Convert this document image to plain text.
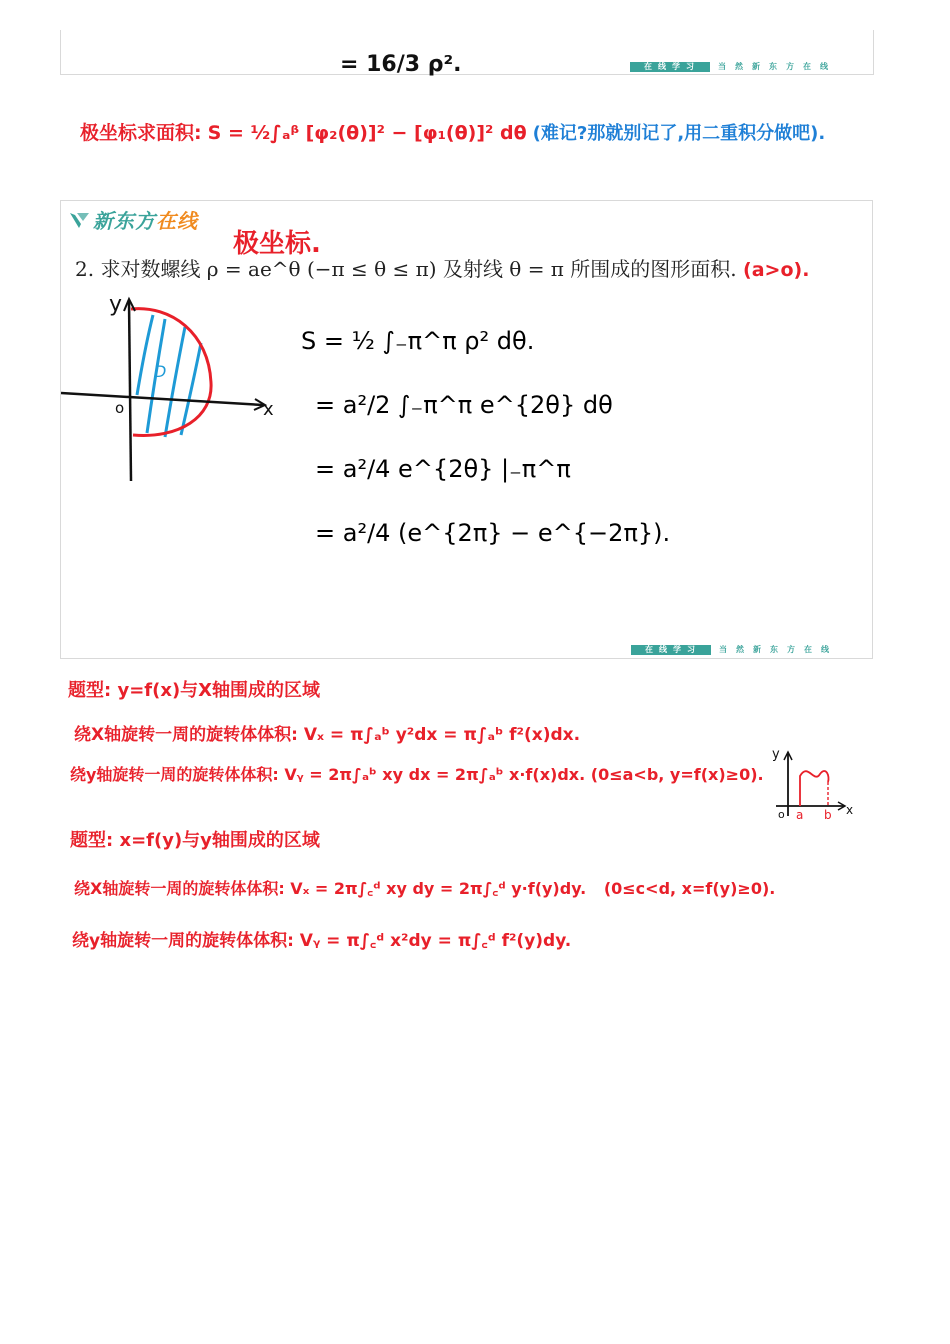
= 16/3 ρ².	在线学习	当然新东方在线
极坐标求面积: S = ½∫ₐᵝ [φ₂(θ)]² − [φ₁(θ)]² dθ (难记?那就别记了,用二重积分做吧).
新东方在线
极坐标.
2. 求对数螺线 ρ = ae^θ (−π ≤ θ ≤ π) 及射线 θ = π 所围成的图形面积. (a>o).
y
x
o
D
S = ½ ∫₋π^π ρ² dθ.
= a²/2 ∫₋π^π e^{2θ} dθ
= a²/4 e^{2θ} |₋π^π
= a²/4 (e^{2π} − e^{−2π}).
在线学习	当然新东方在线
题型: y=f(x)与X轴围成的区域
绕X轴旋转一周的旋转体体积: Vₓ = π∫ₐᵇ y²dx = π∫ₐᵇ f²(x)dx.
绕y轴旋转一周的旋转体体积: Vᵧ = 2π∫ₐᵇ xy dx = 2π∫ₐᵇ x·f(x)dx. (0≤a<b, y=f(x)≥0).
y
x
o a b
题型: x=f(y)与y轴围成的区域
绕X轴旋转一周的旋转体体积: Vₓ = 2π∫꜀ᵈ xy dy = 2π∫꜀ᵈ y·f(y)dy. (0≤c<d, x=f(y)≥0).
绕y轴旋转一周的旋转体体积: Vᵧ = π∫꜀ᵈ x²dy = π∫꜀ᵈ f²(y)dy.
